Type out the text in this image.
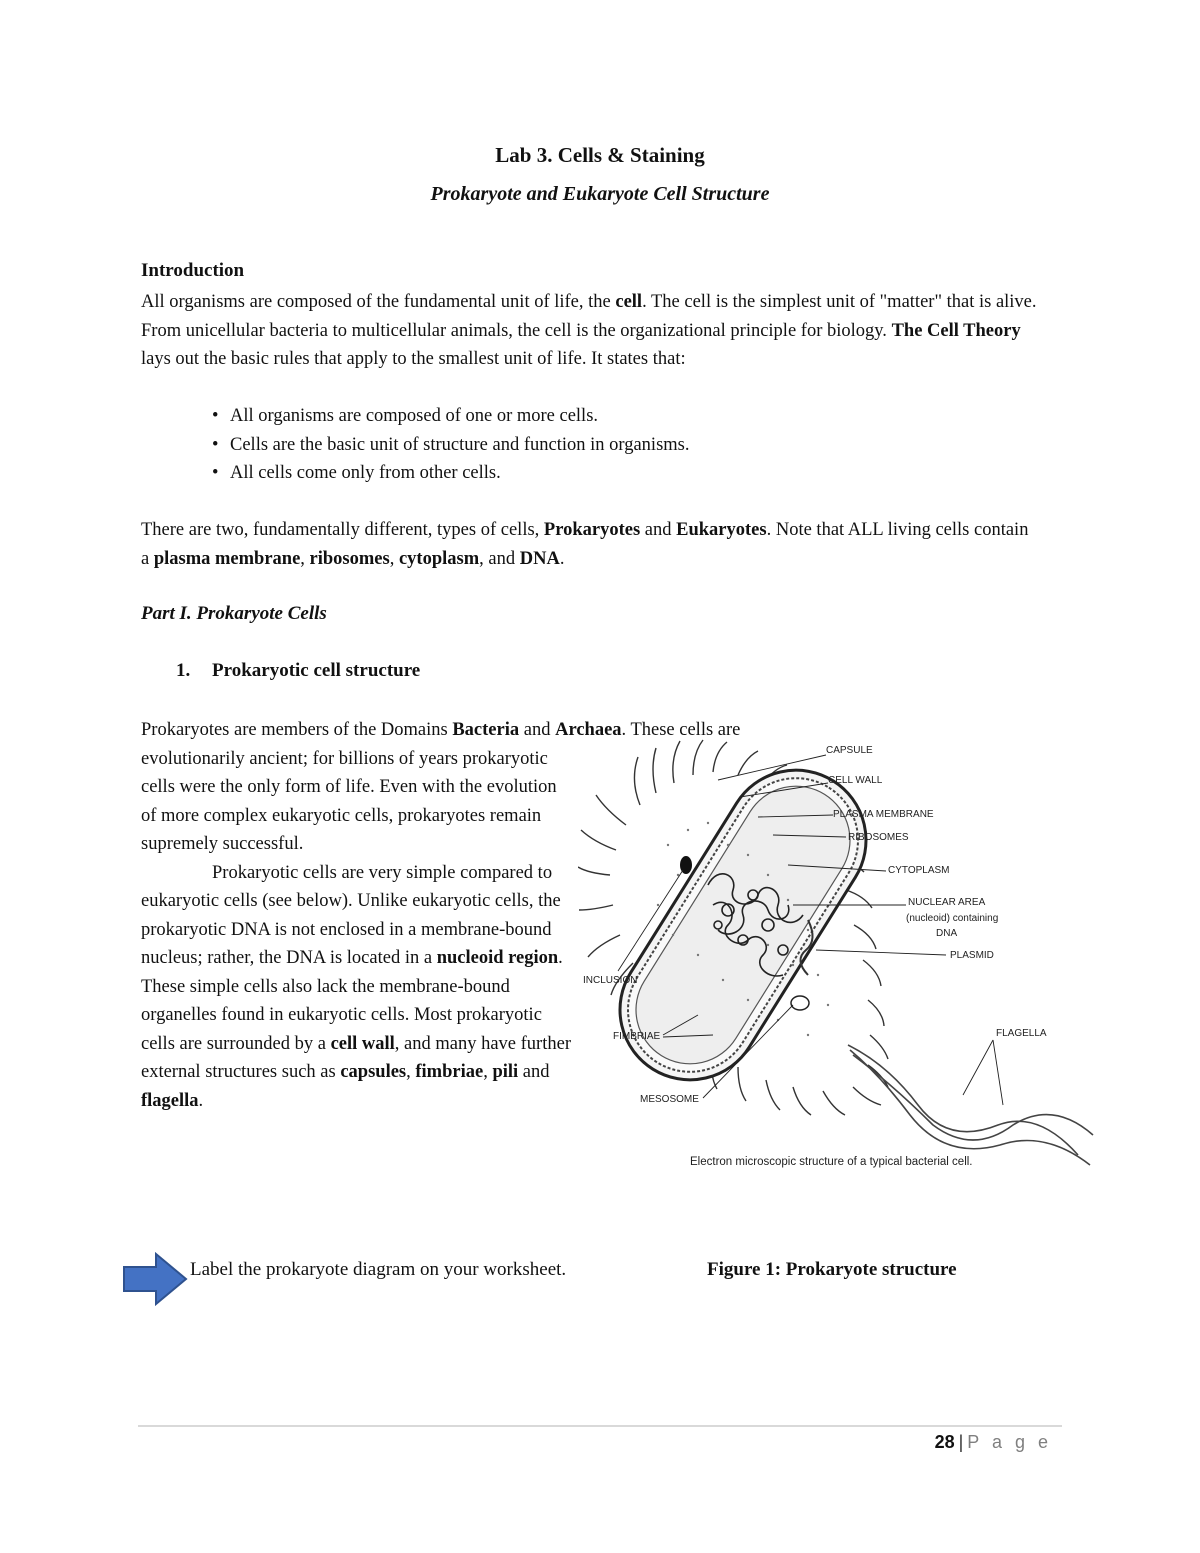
Lab 3. Cells & Staining
Prokaryote and Eukaryote Cell Structure
Introduction

All organisms are composed of the fundamental unit of life, the cell. The cell is the simplest unit of "matter" that is alive. From unicellular bacteria to multicellular animals, the cell is the organizational principle for biology. The Cell Theory lays out the basic rules that apply to the smallest unit of life. It states that:

• All organisms are composed of one or more cells.
• Cells are the basic unit of structure and function in organisms.
• All cells come only from other cells.

There are two, fundamentally different, types of cells, Prokaryotes and Eukaryotes. Note that ALL living cells contain a plasma membrane, ribosomes, cytoplasm, and DNA.

Part I. Prokaryote Cells
1. Prokaryotic cell structure
Prokaryotes are members of the Domains Bacteria and Archaea. These cells are
evolutionarily ancient; for billions of years prokaryotic cells were the only form of life. Even with the evolution of more complex eukaryotic cells, prokaryotes remain supremely successful.
Prokaryotic cells are very simple compared to eukaryotic cells (see below). Unlike eukaryotic cells, the prokaryotic DNA is not enclosed in a membrane-bound nucleus; rather, the DNA is located in a nucleoid region. These simple cells also lack the membrane-bound organelles found in eukaryotic cells. Most prokaryotic cells are surrounded by a cell wall, and many have further external structures such as capsules, fimbriae, pili and flagella.
CAPSULE
CELL WALL
PLASMA MEMBRANE
RIBOSOMES
CYTOPLASM
NUCLEAR AREA
(nucleoid) containing
DNA
PLASMID
INCLUSION
FIMBRIAE	FLAGELLA
MESOSOME
Electron microscopic structure of a typical bacterial cell.
Label the prokaryote diagram on your worksheet.	Figure 1: Prokaryote structure
28 | P a g e
